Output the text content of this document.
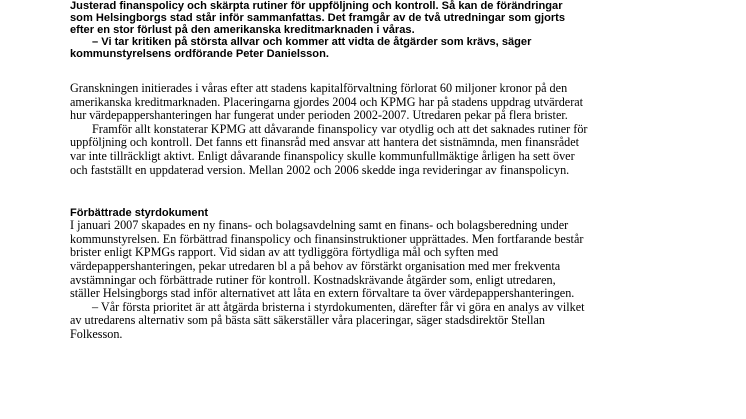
Justerad finanspolicy och skärpta rutiner för uppföljning och kontroll. Så kan de förändringar
som Helsingborgs stad står inför sammanfattas. Det framgår av de två utredningar som gjorts
efter en stor förlust på den amerikanska kreditmarknaden i våras.
– Vi tar kritiken på största allvar och kommer att vidta de åtgärder som krävs, säger
kommunstyrelsens ordförande Peter Danielsson.
Granskningen initierades i våras efter att stadens kapitalförvaltning förlorat 60 miljoner kronor på den
amerikanska kreditmarknaden. Placeringarna gjordes 2004 och KPMG har på stadens uppdrag utvärderat
hur värdepappershanteringen har fungerat under perioden 2002-2007. Utredaren pekar på flera brister.
Framför allt konstaterar KPMG att dåvarande finanspolicy var otydlig och att det saknades rutiner för
uppföljning och kontroll. Det fanns ett finansråd med ansvar att hantera det sistnämnda, men finansrådet
var inte tillräckligt aktivt. Enligt dåvarande finanspolicy skulle kommunfullmäktige årligen ha sett över
och fastställt en uppdaterad version. Mellan 2002 och 2006 skedde inga revideringar av finanspolicyn.
Förbättrade styrdokument
I januari 2007 skapades en ny finans- och bolagsavdelning samt en finans- och bolagsberedning under
kommunstyrelsen. En förbättrad finanspolicy och finansinstruktioner upprättades. Men fortfarande består
brister enligt KPMGs rapport. Vid sidan av att tydliggöra förtydliga mål och syften med
värdepappershanteringen, pekar utredaren bl a på behov av förstärkt organisation med mer frekventa
avstämningar och förbättrade rutiner för kontroll. Kostnadskrävande åtgärder som, enligt utredaren,
ställer Helsingborgs stad inför alternativet att låta en extern förvaltare ta över värdepappershanteringen.
– Vår första prioritet är att åtgärda bristerna i styrdokumenten, därefter får vi göra en analys av vilket
av utredarens alternativ som på bästa sätt säkerställer våra placeringar, säger stadsdirektör Stellan
Folkesson.
